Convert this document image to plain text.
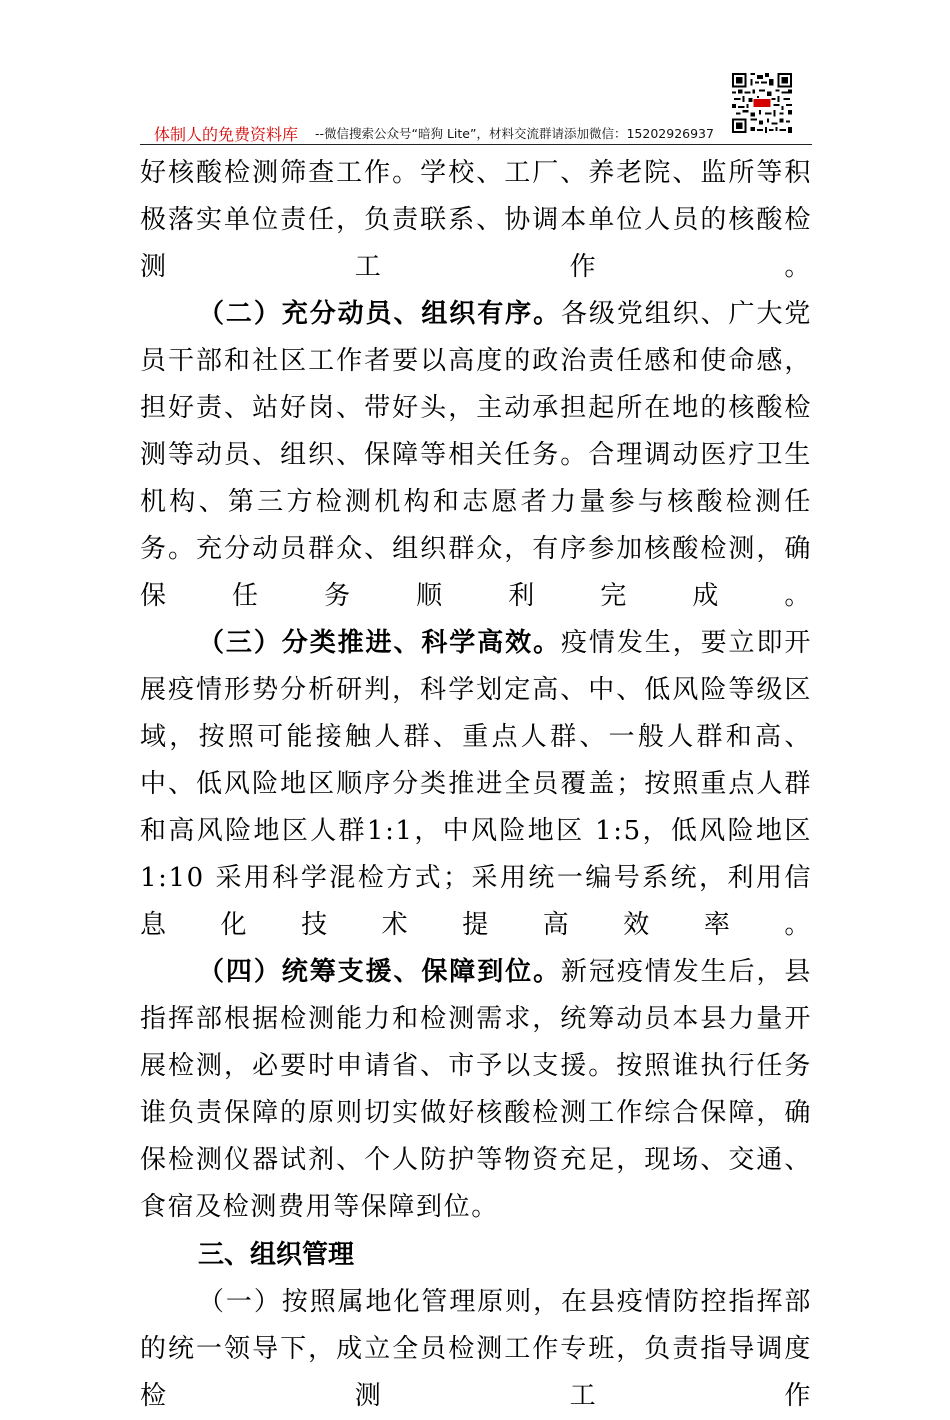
体制人的免费资料库 --微信搜索公众号“暗狗 Lite”，材料交流群请添加微信：15202926937

好核酸检测筛查工作。学校、工厂、养老院、监所等积极落实单位责任，负责联系、协调本单位人员的核酸检测工作。

（二）充分动员、组织有序。各级党组织、广大党员干部和社区工作者要以高度的政治责任感和使命感，担好责、站好岗、带好头，主动承担起所在地的核酸检测等动员、组织、保障等相关任务。合理调动医疗卫生机构、第三方检测机构和志愿者力量参与核酸检测任务。充分动员群众、组织群众，有序参加核酸检测，确保任务顺利完成。

（三）分类推进、科学高效。疫情发生，要立即开展疫情形势分析研判，科学划定高、中、低风险等级区域，按照可能接触人群、重点人群、一般人群和高、中、低风险地区顺序分类推进全员覆盖；按照重点人群和高风险地区人群1:1，中风险地区 1:5，低风险地区 1:10 采用科学混检方式；采用统一编号系统，利用信息化技术提高效率。

（四）统筹支援、保障到位。新冠疫情发生后，县指挥部根据检测能力和检测需求，统筹动员本县力量开展检测，必要时申请省、市予以支援。按照谁执行任务谁负责保障的原则切实做好核酸检测工作综合保障，确保检测仪器试剂、个人防护等物资充足，现场、交通、食宿及检测费用等保障到位。

三、组织管理

（一）按照属地化管理原则，在县疫情防控指挥部的统一领导下，成立全员检测工作专班，负责指导调度检测工作
